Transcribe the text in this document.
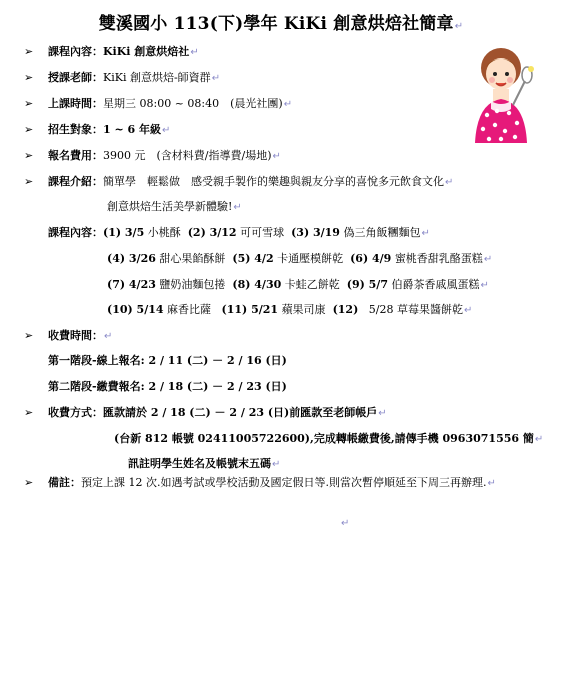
雙溪國小 113(下)學年 KiKi 創意烘焙社簡章↵
➢ 課程內容：KiKi 創意烘焙社↵
➢ 授課老師：KiKi 創意烘焙-師資群↵
➢ 上課時間：星期三 08:00 ~ 08:40　(晨光社團)↵
➢ 招生對象：1 ~ 6 年級↵
➢ 報名費用：3900 元　(含材料費/指導費/場地)↵
➢ 課程介紹：簡單學　輕鬆做　感受親手製作的樂趣與親友分享的喜悅多元飲食文化↵
創意烘焙生活美學新體驗!↵
課程內容：(1) 3/5 小桃酥 (2) 3/12 可可雪球 (3) 3/19 偽三角飯糰麵包↵
(4) 3/26 甜心果餡酥餅 (5) 4/2 卡通壓模餅乾 (6) 4/9 蜜桃香甜乳酪蛋糕↵
(7) 4/23 鹽奶油麵包捲 (8) 4/30 卡蛙乙餅乾 (9) 5/7 伯爵茶香戚風蛋糕↵
(10) 5/14 麻香比薩 (11) 5/21 蘋果司康 (12) 5/28 草莓果醬餅乾↵
➢ 收費時間：↵
第一階段-線上報名: 2 / 11 (二) － 2 / 16 (日)
第二階段-繳費報名: 2 / 18 (二) － 2 / 23 (日)
➢ 收費方式：匯款請於 2 / 18 (二) － 2 / 23 (日)前匯款至老師帳戶↵
(台新 812 帳號 02411005722600),完成轉帳繳費後,請傳手機 0963071556 簡↵
訊註明學生姓名及帳號末五碼↵
➢ 備註：預定上課 12 次.如遇考試或學校活動及國定假日等.則當次暫停順延至下周三再辦理.↵
↵
